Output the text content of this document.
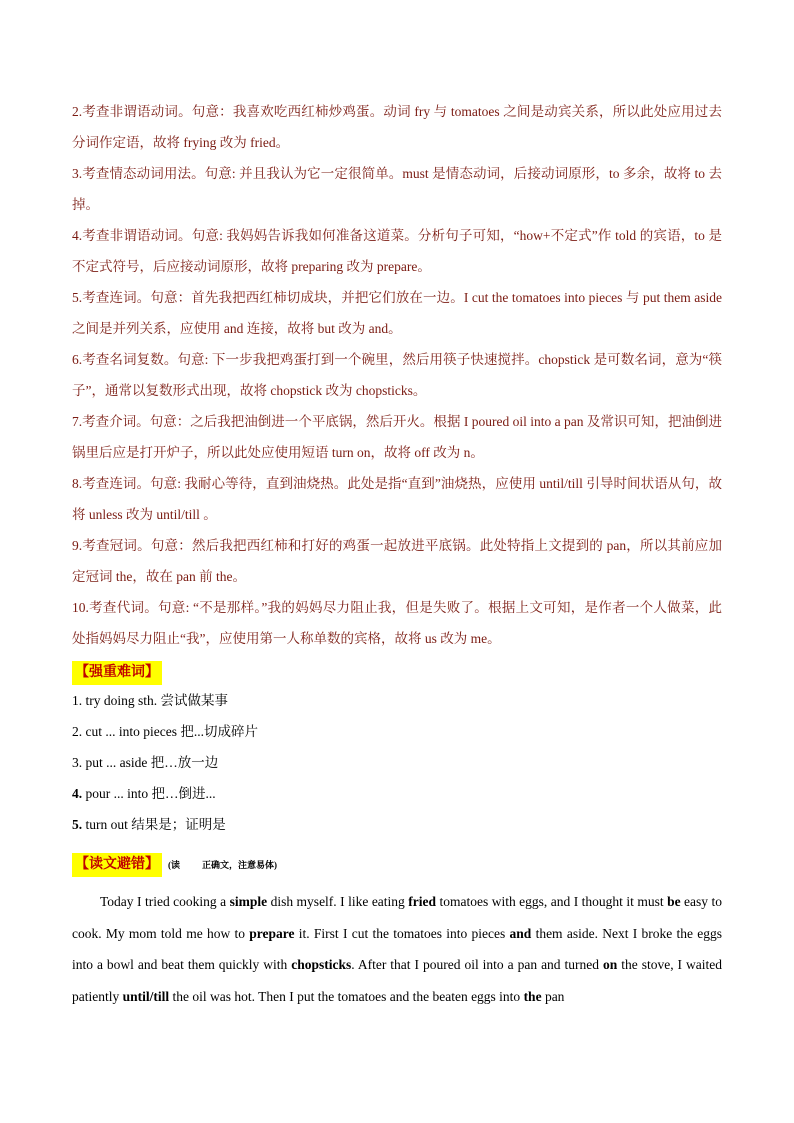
2.考查非谓语动词。句意：我喜欢吃西红柿炒鸡蛋。动词 fry 与 tomatoes 之间是动宾关系，所以此处应用过去分词作定语，故将 frying 改为 fried。

3.考查情态动词用法。句意: 并且我认为它一定很简单。must 是情态动词，后接动词原形，to 多余，故将 to 去掉。

4.考查非谓语动词。句意: 我妈妈告诉我如何准备这道菜。分析句子可知，“how+不定式”作 told 的宾语，to 是不定式符号，后应接动词原形，故将 preparing 改为 prepare。

5.考查连词。句意：首先我把西红柿切成块，并把它们放在一边。I cut the tomatoes into pieces 与 put them aside 之间是并列关系，应使用 and 连接，故将 but 改为 and。

6.考查名词复数。句意: 下一步我把鸡蛋打到一个碗里，然后用筷子快速搅拌。chopstick 是可数名词，意为“筷子”，通常以复数形式出现，故将 chopstick 改为 chopsticks。

7.考查介词。句意：之后我把油倒进一个平底锅，然后开火。根据 I poured oil into a pan 及常识可知，把油倒进锅里后应是打开炉子，所以此处应使用短语 turn on，故将 off 改为 n。

8.考查连词。句意: 我耐心等待，直到油烧热。此处是指“直到”油烧热，应使用 until/till 引导时间状语从句，故将 unless 改为 until/till 。

9.考查冠词。句意：然后我把西红柿和打好的鸡蛋一起放进平底锅。此处特指上文提到的 pan，所以其前应加定冠词 the，故在 pan 前 the。

10.考查代词。句意: “不是那样。”我的妈妈尽力阻止我，但是失败了。根据上文可知，是作者一个人做菜，此处指妈妈尽力阻止“我”，应使用第一人称单数的宾格，故将 us 改为 me。

【强重难词】

1. try doing sth. 尝试做某事

2. cut ... into pieces 把...切成碎片

3. put ... aside 把…放一边

4. pour ... into 把…倒进...

5. turn out 结果是；证明是

【读文避错】 (读 正确文，注意易体)

Today I tried cooking a simple dish myself. I like eating fried tomatoes with eggs, and I thought it must be easy to cook. My mom told me how to prepare it. First I cut the tomatoes into pieces and them aside. Next I broke the eggs into a bowl and beat them quickly with chopsticks. After that I poured oil into a pan and turned on the stove, I waited patiently until/till the oil was hot. Then I put the tomatoes and the beaten eggs into the pan
